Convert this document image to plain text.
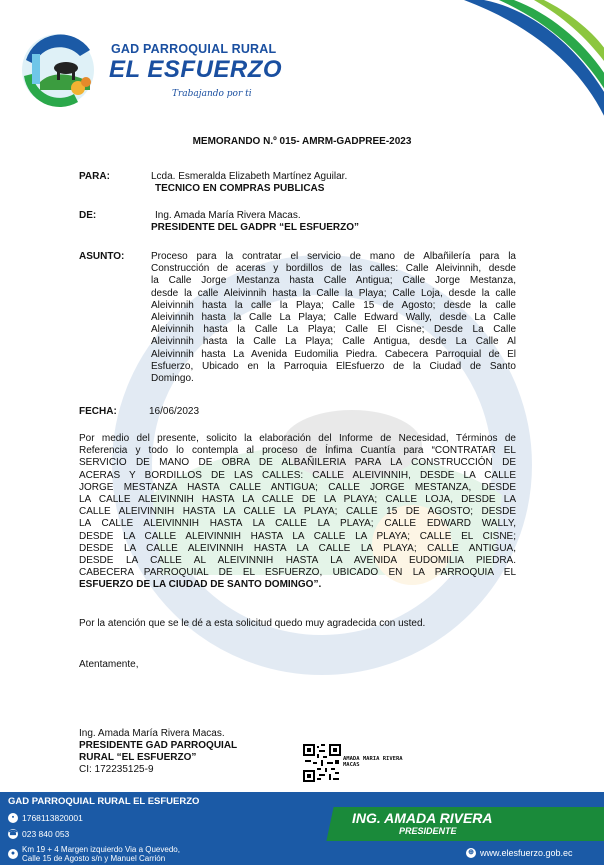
GAD PARROQUIAL RURAL
EL ESFUERZO
Trabajando por ti
MEMORANDO N.º 015- AMRM-GADPREE-2023
PARA:	Lcda. Esmeralda Elizabeth Martínez Aguilar.
TECNICO EN COMPRAS PUBLICAS
DE:	Ing. Amada María Rivera Macas.
PRESIDENTE DEL GADPR “EL ESFUERZO”
ASUNTO:	Proceso para la contratar el servicio de mano de Albañilería para la
Construcción de aceras y bordillos de las calles: Calle Aleivinnih, desde
la Calle Jorge Mestanza hasta Calle Antigua; Calle Jorge Mestanza,
desde la calle Aleivinnih hasta la Calle la Playa; Calle Loja, desde la calle
Aleivinnih hasta la calle la Playa; Calle 15 de Agosto; desde la calle
Aleivinnih hasta la Calle La Playa; Calle Edward Wally, desde La Calle
Aleivinnih hasta la Calle La Playa; Calle El Cisne; Desde La Calle
Aleivinnih hasta la Calle La Playa; Calle Antigua, desde La Calle Al
Aleivinnih hasta La Avenida Eudomilia Piedra. Cabecera Parroquial de El
Esfuerzo, Ubicado en la Parroquia ElEsfuerzo de la Ciudad de Santo
Domingo.
FECHA:	16/06/2023
Por medio del presente, solicito la elaboración del Informe de Necesidad, Términos de
Referencia y todo lo contempla al proceso de Ínfima Cuantía para “CONTRATAR EL
SERVICIO DE MANO DE OBRA DE ALBAÑILERIA PARA LA CONSTRUCCIÓN DE
ACERAS Y BORDILLOS DE LAS CALLES: CALLE ALEIVINNIH, DESDE LA CALLE
JORGE MESTANZA HASTA CALLE ANTIGUA; CALLE JORGE MESTANZA, DESDE
LA CALLE ALEIVINNIH HASTA LA CALLE DE LA PLAYA; CALLE LOJA, DESDE LA
CALLE ALEIVINNIH HASTA LA CALLE LA PLAYA; CALLE 15 DE AGOSTO; DESDE
LA CALLE ALEIVINNIH HASTA LA CALLE LA PLAYA; CALLE EDWARD WALLY,
DESDE LA CALLE ALEIVINNIH HASTA LA CALLE LA PLAYA; CALLE EL CISNE;
DESDE LA CALLE ALEIVINNIH HASTA LA CALLE LA PLAYA; CALLE ANTIGUA,
DESDE LA CALLE AL ALEIVINNIH HASTA LA AVENIDA EUDOMILIA PIEDRA.
CABECERA PARROQUIAL DE EL ESFUERZO, UBICADO EN LA PARROQUIA EL
ESFUERZO DE LA CIUDAD DE SANTO DOMINGO”.
Por la atención que se le dé a esta solicitud quedo muy agradecida con usted.
Atentamente,
Ing. Amada María Rivera Macas.
PRESIDENTE GAD PARROQUIAL
RURAL “EL ESFUERZO”
CI: 172235125-9
AMADA MARIA RIVERA
MACAS
GAD PARROQUIAL RURAL EL ESFUERZO
▪ 1768113820001
☎ 023 840 053
● Km 19 + 4 Margen izquierdo Via a Quevedo,
Calle 15 de Agosto s/n y Manuel Carrión
ING. AMADA RIVERA
PRESIDENTE
⊕ www.elesfuerzo.gob.ec
